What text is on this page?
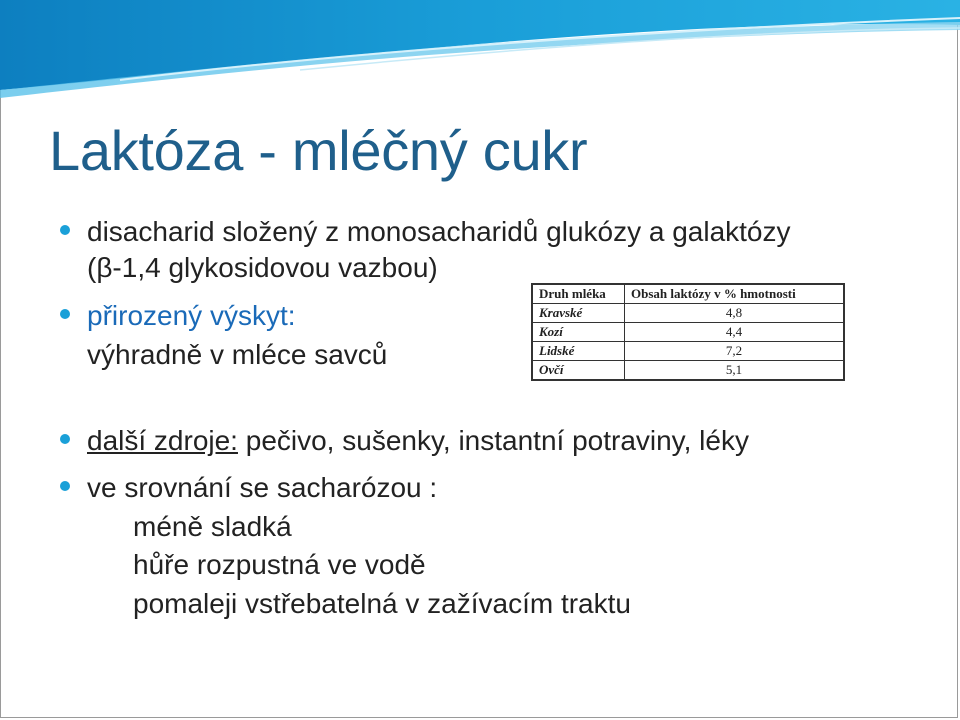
Laktóza - mléčný cukr
disacharid složený z monosacharidů glukózy a galaktózy
(β-1,4 glykosidovou vazbou)
přirozený výskyt:
výhradně v mléce savců
Druh mléka	Obsah laktózy v % hmotnosti
Kravské	4,8
Kozí	4,4
Lidské	7,2
Ovčí	5,1
další zdroje: pečivo, sušenky, instantní potraviny, léky
ve srovnání se sacharózou :
méně sladká
hůře rozpustná ve vodě
pomaleji vstřebatelná v zažívacím traktu
